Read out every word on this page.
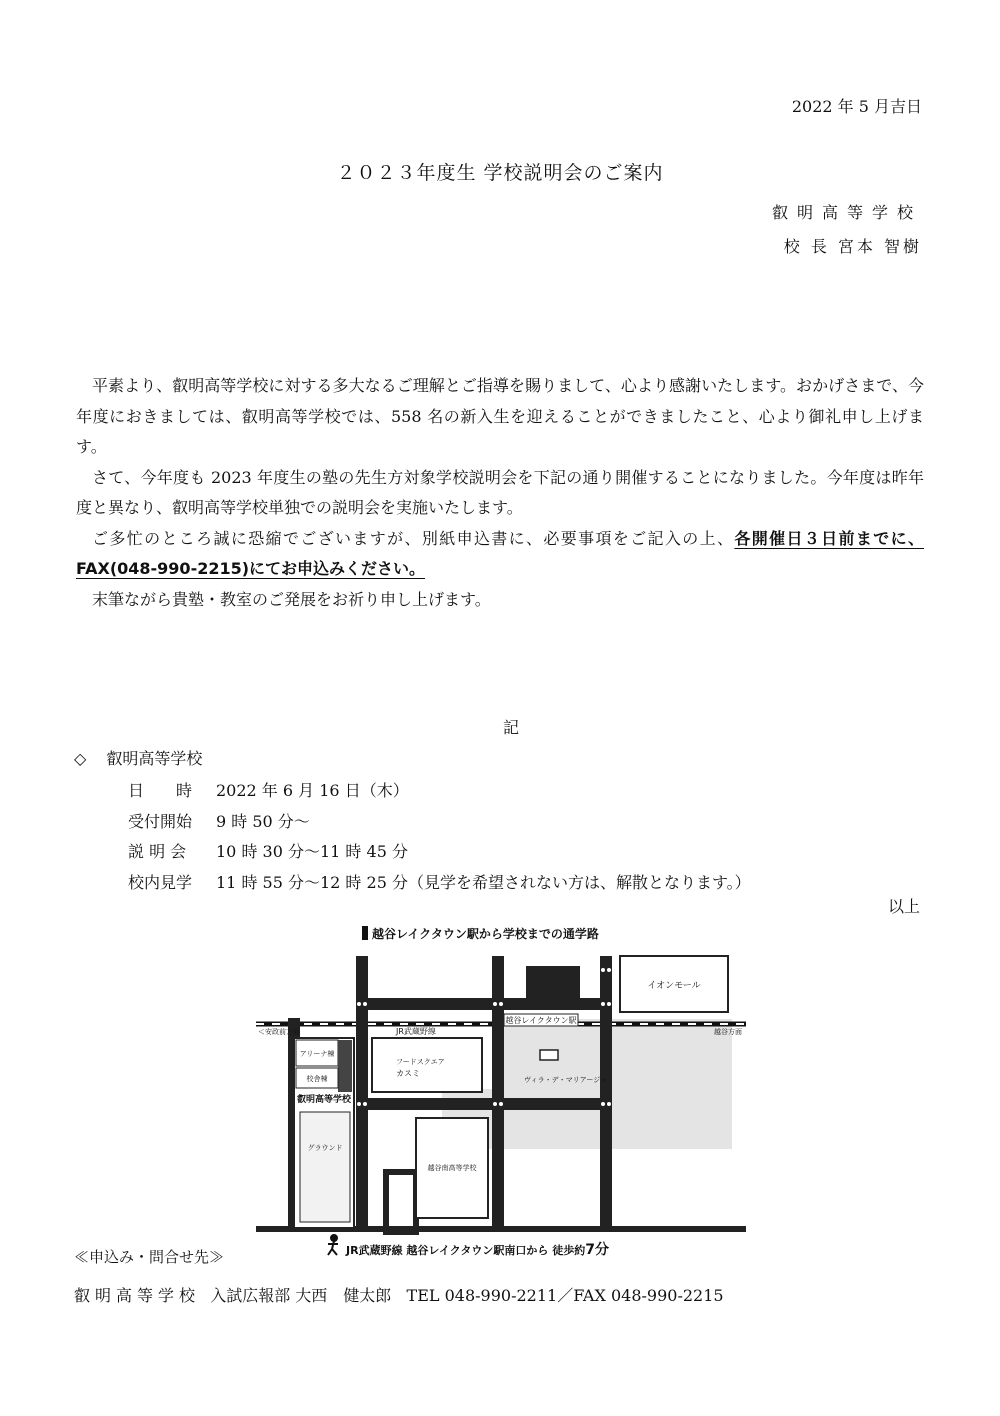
2022 年 5 月吉日
２０２３年度生 学校説明会のご案内
叡明高等学校
校 長 宮本 智樹

平素より、叡明高等学校に対する多大なるご理解とご指導を賜りまして、心より感謝いたします。おかげさまで、今年度におきましては、叡明高等学校では、558 名の新入生を迎えることができましたこと、心より御礼申し上げます。

さて、今年度も 2023 年度生の塾の先生方対象学校説明会を下記の通り開催することになりました。今年度は昨年度と異なり、叡明高等学校単独での説明会を実施いたします。

ご多忙のところ誠に恐縮でございますが、別紙申込書に、必要事項をご記入の上、各開催日３日前までに、FAX(048-990-2215)にてお申込みください。

末筆ながら貴塾・教室のご発展をお祈り申し上げます。

記
◇ 叡明高等学校
日　　時 2022 年 6 月 16 日（木）
受付開始 9 時 50 分～
説 明 会 10 時 30 分～11 時 45 分
校内見学 11 時 55 分～12 時 25 分（見学を希望されない方は、解散となります。）
以上
越谷レイクタウン駅から学校までの通学路
イオンモール
越谷レイクタウン駅
JR武蔵野線
＜安政前方面	越谷方面
アリーナ棟
校舎棟
叡明高等学校
グラウンド
フードスクエア
カスミ
ヴィラ・デ・マリアージュ
越谷南高等学校
JR武蔵野線 越谷レイクタウン駅南口から 徒歩約7分
≪申込み・問合せ先≫
叡明高等学校 入試広報部 大西　健太郎 TEL 048-990-2211／FAX 048-990-2215
